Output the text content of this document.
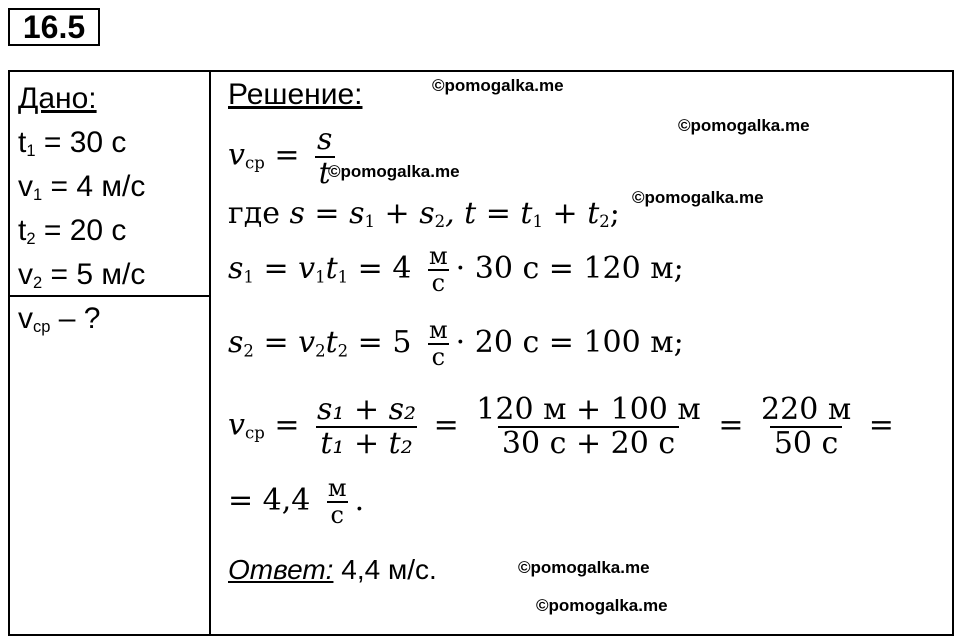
16.5
Дано:
$t_1 = 30$ с
$v_1 = 4$ м/с
$t_2 = 20$ с
$v_2 = 5$ м/с
$v_{ср}$ – ?
Решение:
$v_{ср} = \frac{s}{t}$
где $s = s_1 + s_2$, $t = t_1 + t_2$;
$s_1 = v_1t_1 = 4 \frac{м}{с} \cdot 30$ с = 120 м;
$s_2 = v_2t_2 = 5 \frac{м}{с} \cdot 20$ с = 100 м;
$v_{ср} = \frac{\text{s₁ + s₂}}{\text{t₁ + t₂}} = \frac{120 м + 100 м}{30 с + 20 с} = \frac{220 м}{50 с}$ =
= $4,4 \frac{м}{с}$ .
Ответ: 4,4 м/с.
©pomogalka.me
©pomogalka.me
©pomogalka.me
©pomogalka.me
©pomogalka.me
©pomogalka.me
